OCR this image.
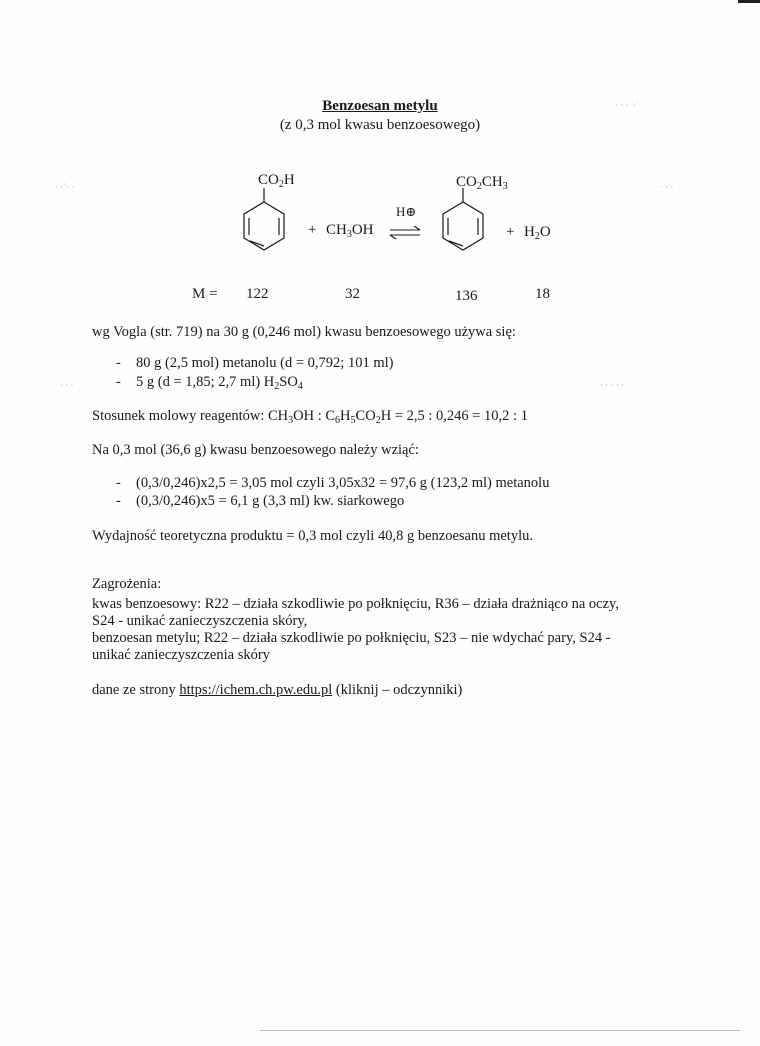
Benzoesan metylu
(z 0,3 mol kwasu benzoesowego)
$CO_2H$
+ $CH_3OH$
H⊕
$CO_2CH_3$
+ $H_2O$
M = 122	32	136	18
wg Vogla (str. 719) na 30 g (0,246 mol) kwasu benzoesowego używa się:
- 80 g (2,5 mol) metanolu (d = 0,792; 101 ml)
- 5 g (d = 1,85; 2,7 ml) $H_2SO_4$
Stosunek molowy reagentów: $CH_3OH$ : $C_6H_5CO_2H = 2,5$ : 0,246 = 10,2 : 1
Na 0,3 mol (36,6 g) kwasu benzoesowego należy wziąć:
- (0,3/0,246)x2,5 = 3,05 mol czyli 3,05x32 = 97,6 g (123,2 ml) metanolu
- (0,3/0,246)x5 = 6,1 g (3,3 ml) kw. siarkowego
Wydajność teoretyczna produktu = 0,3 mol czyli 40,8 g benzoesanu metylu.
Zagrożenia:
kwas benzoesowy: R22 – działa szkodliwie po połknięciu, R36 – działa drażniąco na oczy,
S24 - unikać zanieczyszczenia skóry,
benzoesan metylu; R22 – działa szkodliwie po połknięciu, S23 – nie wdychać pary, S24 -
unikać zanieczyszczenia skóry
dane ze strony https://ichem.ch.pw.edu.pl (kliknij – odczynniki)
· · ·  ·˙
· ·˙· ·	· · ·
· · ·	· · · · ·
